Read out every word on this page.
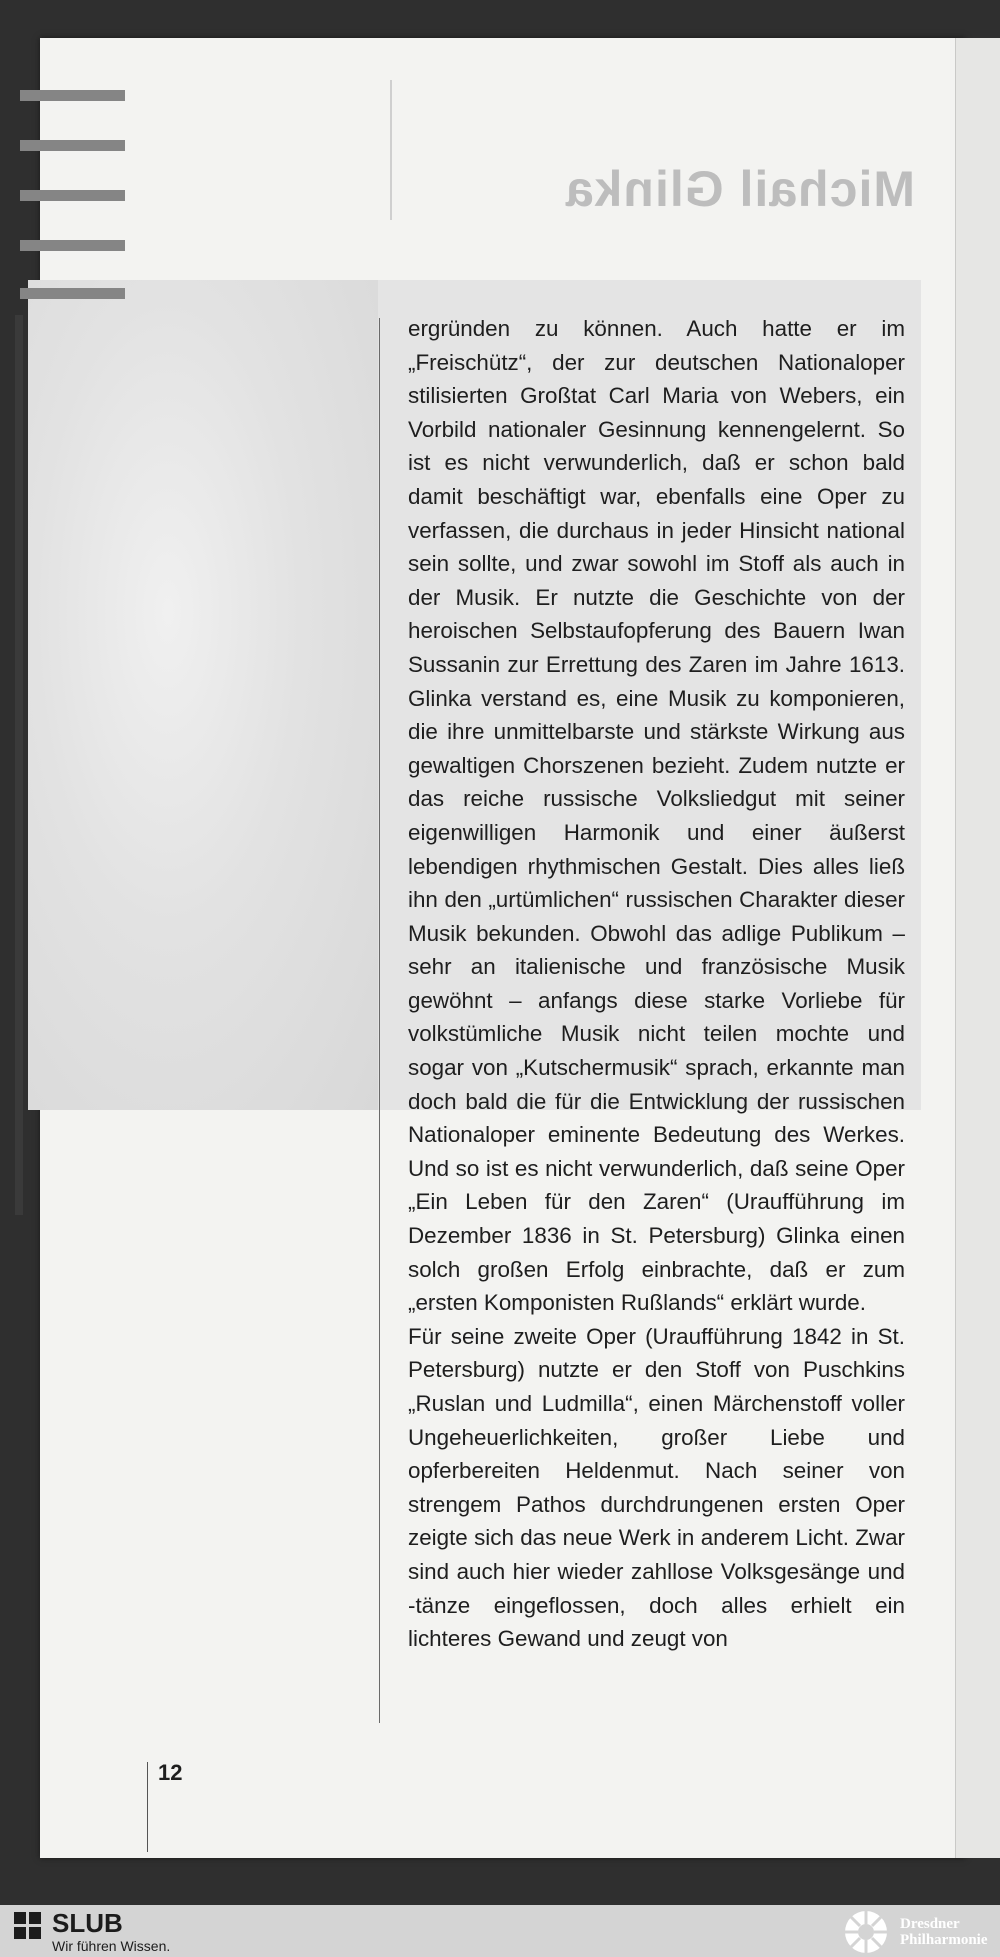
Michail Glinka

ergründen zu können. Auch hatte er im „Freischütz“, der zur deutschen Nationaloper stilisierten Großtat Carl Maria von Webers, ein Vorbild nationaler Gesinnung kennengelernt. So ist es nicht verwunderlich, daß er schon bald damit beschäftigt war, ebenfalls eine Oper zu verfassen, die durchaus in jeder Hinsicht national sein sollte, und zwar sowohl im Stoff als auch in der Musik. Er nutzte die Geschichte von der heroischen Selbstaufopferung des Bauern Iwan Sussanin zur Errettung des Zaren im Jahre 1613. Glinka verstand es, eine Musik zu komponieren, die ihre unmittelbarste und stärkste Wirkung aus gewaltigen Chorszenen bezieht. Zudem nutzte er das reiche russische Volksliedgut mit seiner eigenwilligen Harmonik und einer äußerst lebendigen rhythmischen Gestalt. Dies alles ließ ihn den „urtümlichen“ russischen Charakter dieser Musik bekunden. Obwohl das adlige Publikum – sehr an italienische und französische Musik gewöhnt – anfangs diese starke Vorliebe für volkstümliche Musik nicht teilen mochte und sogar von „Kutschermusik“ sprach, erkannte man doch bald die für die Entwicklung der russischen Nationaloper eminente Bedeutung des Werkes. Und so ist es nicht verwunderlich, daß seine Oper „Ein Leben für den Zaren“ (Uraufführung im Dezember 1836 in St. Petersburg) Glinka einen solch großen Erfolg einbrachte, daß er zum „ersten Komponisten Rußlands“ erklärt wurde.

Für seine zweite Oper (Uraufführung 1842 in St. Petersburg) nutzte er den Stoff von Puschkins „Ruslan und Ludmilla“, einen Märchenstoff voller Ungeheuerlichkeiten, großer Liebe und opferbereiten Heldenmut. Nach seiner von strengem Pathos durchdrungenen ersten Oper zeigte sich das neue Werk in anderem Licht. Zwar sind auch hier wieder zahllose Volksgesänge und -tänze eingeflossen, doch alles erhielt ein lichteres Gewand und zeugt von

12
SLUB
Wir führen Wissen.
Dresdner
Philharmonie
